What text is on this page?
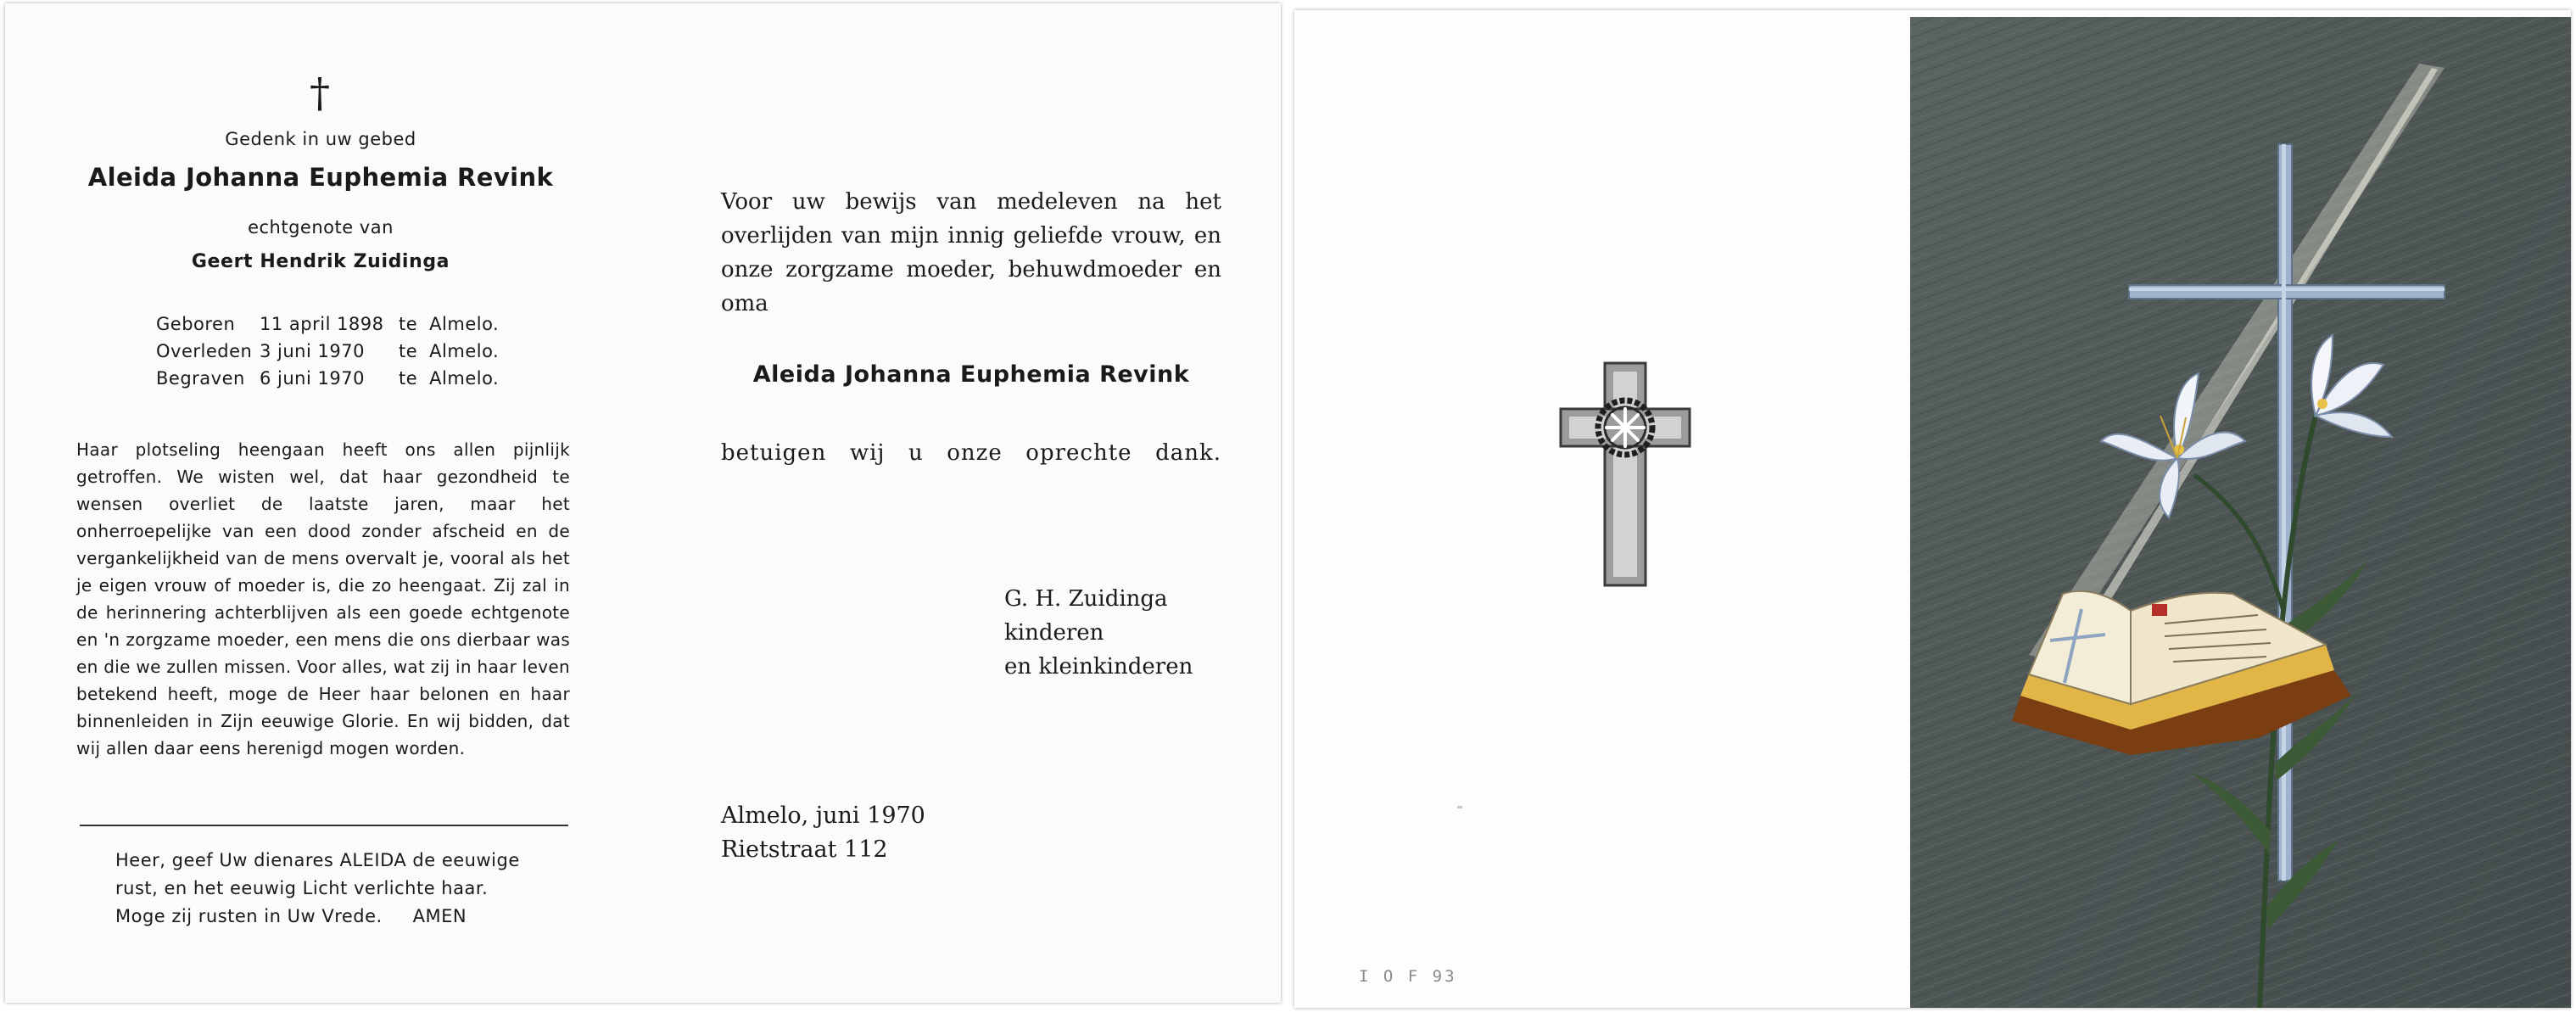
†
Gedenk in uw gebed
Aleida Johanna Euphemia Revink
echtgenote van
Geert Hendrik Zuidinga
Geboren	11 april 1898 te Almelo.
Overleden 3 juni 1970	te Almelo.
Begraven 6 juni 1970	te Almelo.
Haar plotseling heengaan heeft ons allen pijnlijk getroffen. We wisten wel, dat haar gezondheid te wensen overliet de laatste jaren, maar het onherroepelijke van een dood zonder afscheid en de vergankelijkheid van de mens overvalt je, vooral als het je eigen vrouw of moeder is, die zo heengaat. Zij zal in de herinnering achterblijven als een goede echtgenote en 'n zorgzame moeder, een mens die ons dierbaar was en die we zullen missen. Voor alles, wat zij in haar leven betekend heeft, moge de Heer haar belonen en haar binnenleiden in Zijn eeuwige Glorie. En wij bidden, dat wij allen daar eens herenigd mogen worden.
Heer, geef Uw dienares ALEIDA de eeuwige
rust, en het eeuwig Licht verlichte haar.
Moge zij rusten in Uw Vrede.     AMEN
Voor uw bewijs van medeleven na het overlijden van mijn innig geliefde vrouw, en onze zorgzame moeder, behuwdmoeder en oma
Aleida Johanna Euphemia Revink
betuigen wij u onze oprechte dank.
G. H. Zuidinga
kinderen
en kleinkinderen
Almelo, juni 1970
Rietstraat 112
I O F 93
